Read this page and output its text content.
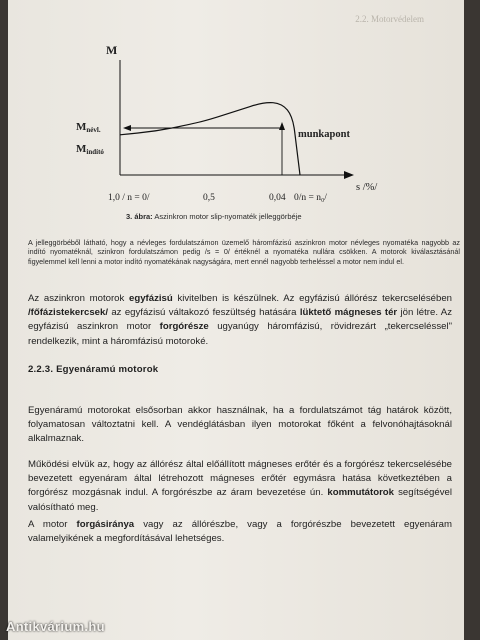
2.2. Motorvédelem
M
Mnévl.
Mindító
munkapont
s /%/
1,0 / n = 0/	0,5	0,04 0/n = n₀/
3. ábra: Aszinkron motor slip-nyomaték jelleggörbéje
A jelleggörbéből látható, hogy a névleges fordulatszámon üzemelő háromfázisú aszinkron motor névleges nyomatéka nagyobb az indító nyomatéknál, szinkron fordulatszámon pedig /s = 0/ értéknél a nyomatéka nullára csökken. A motorok kiválasztásánál figyelemmel kell lenni a motor indító nyomatékának nagyságára, mert ennél nagyobb terheléssel a motor nem indul el.
Az aszinkron motorok egyfázisú kivitelben is készülnek. Az egyfázisú állórész tekercselésében /főfázistekercsek/ az egyfázisú váltakozó feszültség hatására lüktető mágneses tér jön létre. Az egyfázisú aszinkron motor forgórésze ugyanúgy háromfázisú, rövidrezárt „tekercseléssel" rendelkezik, mint a háromfázisú motoroké.
2.2.3. Egyenáramú motorok
Egyenáramú motorokat elsősorban akkor használnak, ha a fordulatszámot tág határok között, folyamatosan változtatni kell. A vendéglátásban ilyen motorokat főként a felvonóhajtásoknál alkalmaznak.
Működési elvük az, hogy az állórész által előállított mágneses erőtér és a forgórész tekercselésébe bevezetett egyenáram által létrehozott mágneses erőtér egymásra hatása következtében a forgórész mozgásnak indul. A forgórészbe az áram bevezetése ún. kommutátorok segítségével valósítható meg.
A motor forgásiránya vagy az állórészbe, vagy a forgórészbe bevezetett egyenáram valamelyikének a megfordításával lehetséges.
Antikvárium.hu
